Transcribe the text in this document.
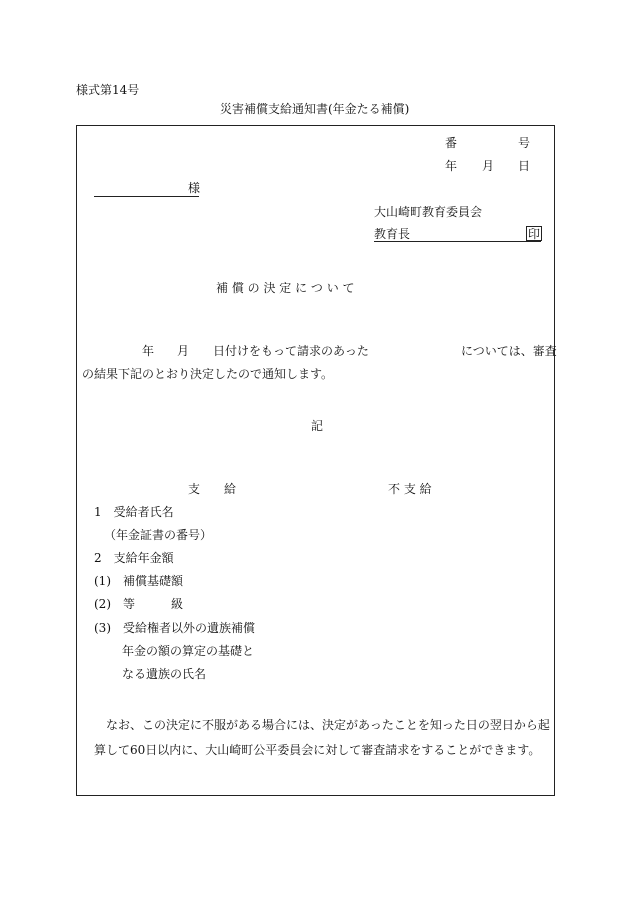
様式第14号
災害補償支給通知書(年金たる補償)
番	号
年 月 日
様
大山崎町教育委員会
教育長	印
補 償 の 決 定 に つ い て
年 月 日付けをもって請求のあった	については、審査
の結果下記のとおり決定したので通知します。
記
支　　給	不 支 給
1　受給者氏名
（年金証書の番号）
2　支給年金額
(1)　補償基礎額
(2)　等　　　級
(3)　受給権者以外の遺族補償
年金の額の算定の基礎と
なる遺族の氏名
なお、この決定に不服がある場合には、決定があったことを知った日の翌日から起
算して60日以内に、大山崎町公平委員会に対して審査請求をすることができます。
